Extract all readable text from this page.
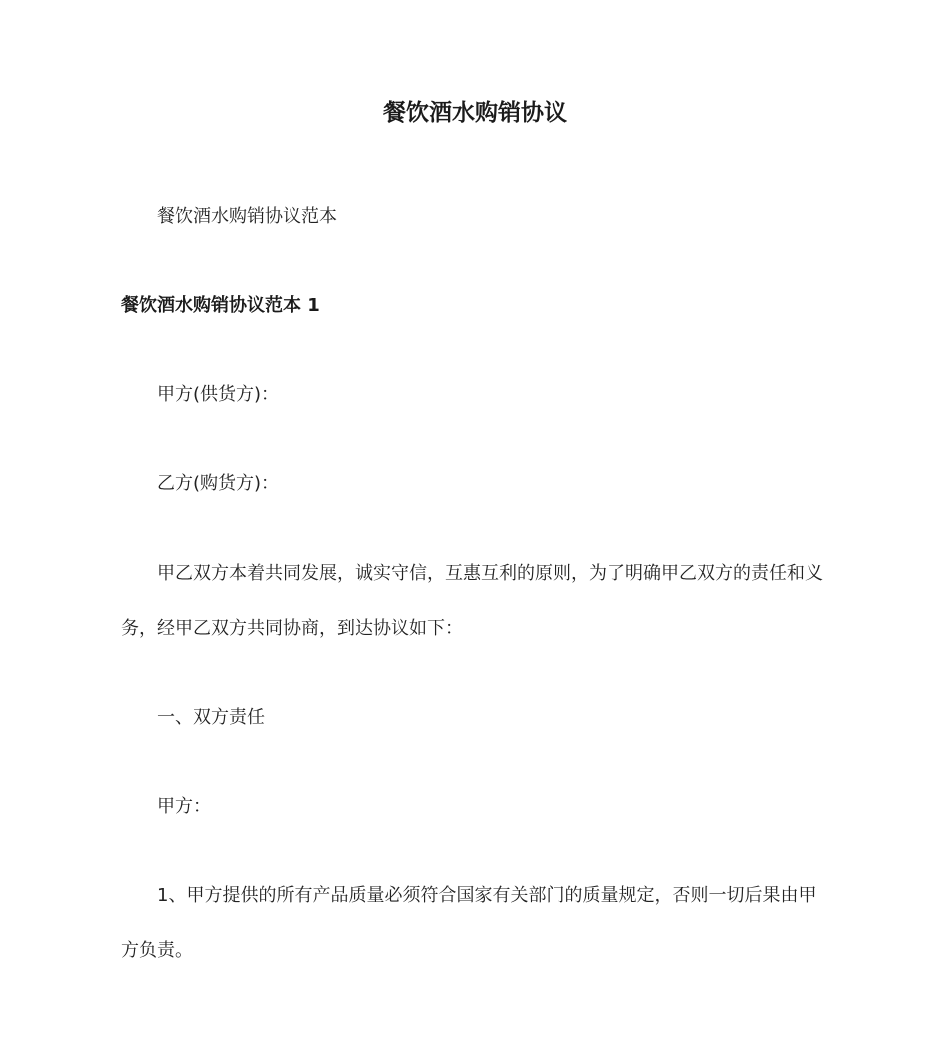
餐饮酒水购销协议

餐饮酒水购销协议范本

餐饮酒水购销协议范本 1

甲方(供货方)：

乙方(购货方)：

甲乙双方本着共同发展，诚实守信，互惠互利的原则，为了明确甲乙双方的责任和义

务，经甲乙双方共同协商，到达协议如下：

一、双方责任

甲方：

1、甲方提供的所有产品质量必须符合国家有关部门的质量规定，否则一切后果由甲

方负责。
